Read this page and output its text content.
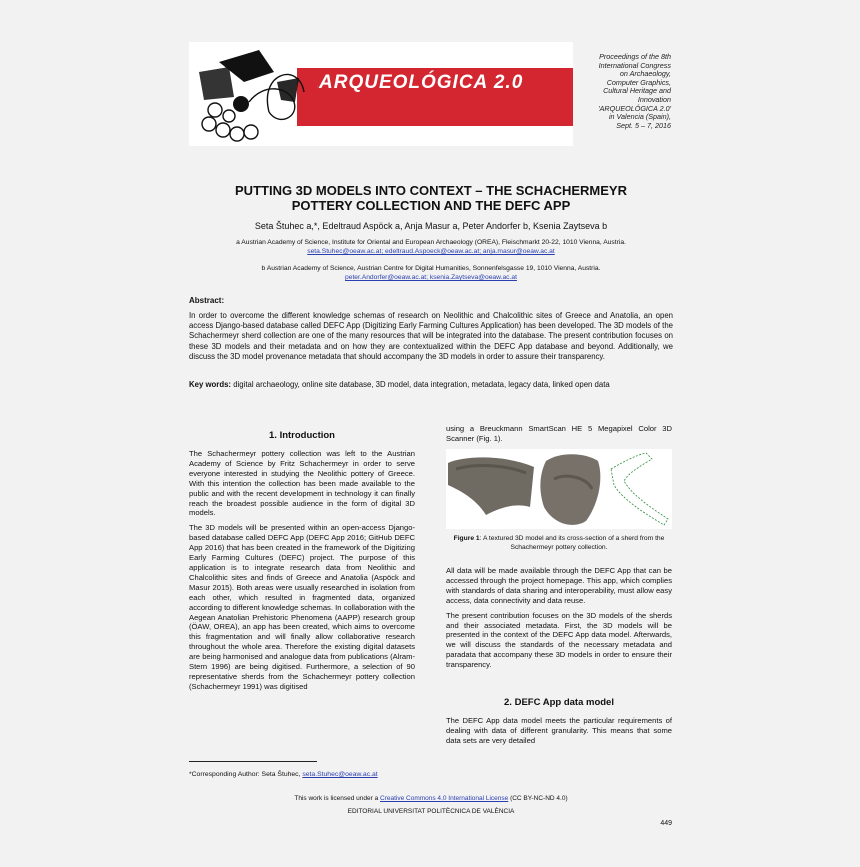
· ARQUEOLÓGICA 2.0
Proceedings of the 8th
International Congress
on Archaeology,
Computer Graphics,
Cultural Heritage and
Innovation
'ARQUEOLÓGICA 2.0'
in Valencia (Spain),
Sept. 5 – 7, 2016
PUTTING 3D MODELS INTO CONTEXT – THE SCHACHERMEYR
POTTERY COLLECTION AND THE DEFC APP
Seta Štuhec a,*, Edeltraud Aspöck a, Anja Masur a, Peter Andorfer b, Ksenia Zaytseva b
a Austrian Academy of Science, Institute for Oriental and European Archaeology (OREA), Fleischmarkt 20-22, 1010 Vienna, Austria.
seta.Stuhec@oeaw.ac.at; edeltraud.Aspoeck@oeaw.ac.at; anja.masur@oeaw.ac.at
b Austrian Academy of Science, Austrian Centre for Digital Humanities, Sonnenfelsgasse 19, 1010 Vienna, Austria.
peter.Andorfer@oeaw.ac.at; ksenia.Zaytseva@oeaw.ac.at
Abstract:
In order to overcome the different knowledge schemas of research on Neolithic and Chalcolithic sites of Greece and Anatolia, an open access Django-based database called DEFC App (Digitizing Early Farming Cultures Application) has been developed. The 3D models of the Schachermeyr sherd collection are one of the many resources that will be integrated into the database. The present contribution focuses on these 3D models and their metadata and on how they are contextualized within the DEFC App database and beyond. Additionally, we discuss the 3D model provenance metadata that should accompany the 3D models in order to assure their transparency.
Key words: digital archaeology, online site database, 3D model, data integration, metadata, legacy data, linked open data
1. Introduction

The Schachermeyr pottery collection was left to the Austrian Academy of Science by Fritz Schachermeyr in order to serve everyone interested in studying the Neolithic pottery of Greece. With this intention the collection has been made available to the public and with the recent development in technology it can finally reach the broadest possible audience in the form of digital 3D models.

The 3D models will be presented within an open-access Django-based database called DEFC App (DEFC App 2016; GitHub DEFC App 2016) that has been created in the framework of the Digitizing Early Farming Cultures (DEFC) project. The purpose of this application is to integrate research data from Neolithic and Chalcolithic sites and finds of Greece and Anatolia (Aspöck and Masur 2015). Both areas were usually researched in isolation from each other, which resulted in fragmented data, organized according to different knowledge schemas. In collaboration with the Aegean Anatolian Prehistoric Phenomena (AAPP) research group (ÖAW, OREA), an app has been created, which aims to overcome this fragmentation and will finally allow collaborative research throughout the whole area. Therefore the existing digital datasets are being harmonised and analogue data from publications (Alram-Stern 1996) are being digitised. Furthermore, a selection of 90 representative sherds from the Schachermeyr pottery collection (Schachermeyr 1991) was digitised

using a Breuckmann SmartScan HE 5 Megapixel Color 3D Scanner (Fig. 1).
Figure 1: A textured 3D model and its cross-section of a sherd from the Schachermeyr pottery collection.

All data will be made available through the DEFC App that can be accessed through the project homepage. This app, which complies with standards of data sharing and interoperability, must allow easy access, data connectivity and data reuse.

The present contribution focuses on the 3D models of the sherds and their associated metadata. First, the 3D models will be presented in the context of the DEFC App data model. Afterwards, we will discuss the standards of the necessary metadata and paradata that accompany these 3D models in order to ensure their transparency.

2. DEFC App data model
The DEFC App data model meets the particular requirements of dealing with data of different granularity. This means that some data sets are very detailed
*Corresponding Author: Seta Štuhec, seta.Stuhec@oeaw.ac.at
This work is licensed under a Creative Commons 4.0 International License (CC BY-NC-ND 4.0)
EDITORIAL UNIVERSITAT POLITÈCNICA DE VALÈNCIA
449
